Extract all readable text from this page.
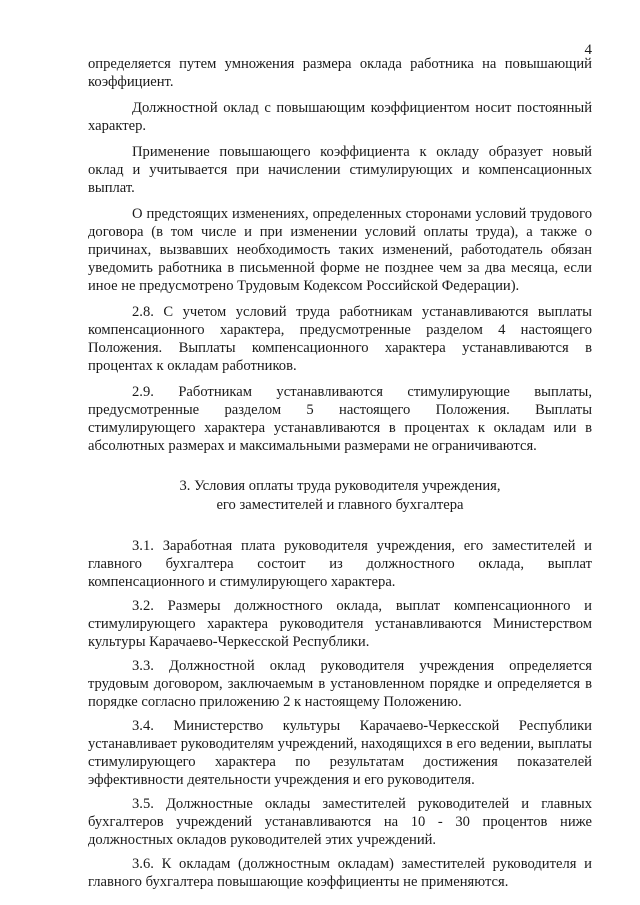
4

определяется путем умножения размера оклада работника на повышающий коэффициент.

Должностной оклад с повышающим коэффициентом носит постоянный характер.

Применение повышающего коэффициента к окладу образует новый оклад и учитывается при начислении стимулирующих и компенсационных выплат.

О предстоящих изменениях, определенных сторонами условий трудового договора (в том числе и при изменении условий оплаты труда), а также о причинах, вызвавших необходимость таких изменений, работодатель обязан уведомить работника в письменной форме не позднее чем за два месяца, если иное не предусмотрено Трудовым Кодексом Российской Федерации).

2.8. С учетом условий труда работникам устанавливаются выплаты компенсационного характера, предусмотренные разделом 4 настоящего Положения. Выплаты компенсационного характера устанавливаются в процентах к окладам работников.

2.9. Работникам устанавливаются стимулирующие выплаты, предусмотренные разделом 5 настоящего Положения. Выплаты стимулирующего характера устанавливаются в процентах к окладам или в абсолютных размерах и максимальными размерами не ограничиваются.

3. Условия оплаты труда руководителя учреждения,
его заместителей и главного бухгалтера

3.1. Заработная плата руководителя учреждения, его заместителей и главного бухгалтера состоит из должностного оклада, выплат компенсационного и стимулирующего характера.

3.2. Размеры должностного оклада, выплат компенсационного и стимулирующего характера руководителя устанавливаются Министерством культуры Карачаево-Черкесской Республики.

3.3. Должностной оклад руководителя учреждения определяется трудовым договором, заключаемым в установленном порядке и определяется в порядке согласно приложению 2 к настоящему Положению.

3.4. Министерство культуры Карачаево-Черкесской Республики устанавливает руководителям учреждений, находящихся в его ведении, выплаты стимулирующего характера по результатам достижения показателей эффективности деятельности учреждения и его руководителя.

3.5. Должностные оклады заместителей руководителей и главных бухгалтеров учреждений устанавливаются на 10 - 30 процентов ниже должностных окладов руководителей этих учреждений.

3.6. К окладам (должностным окладам) заместителей руководителя и главного бухгалтера повышающие коэффициенты не применяются.
